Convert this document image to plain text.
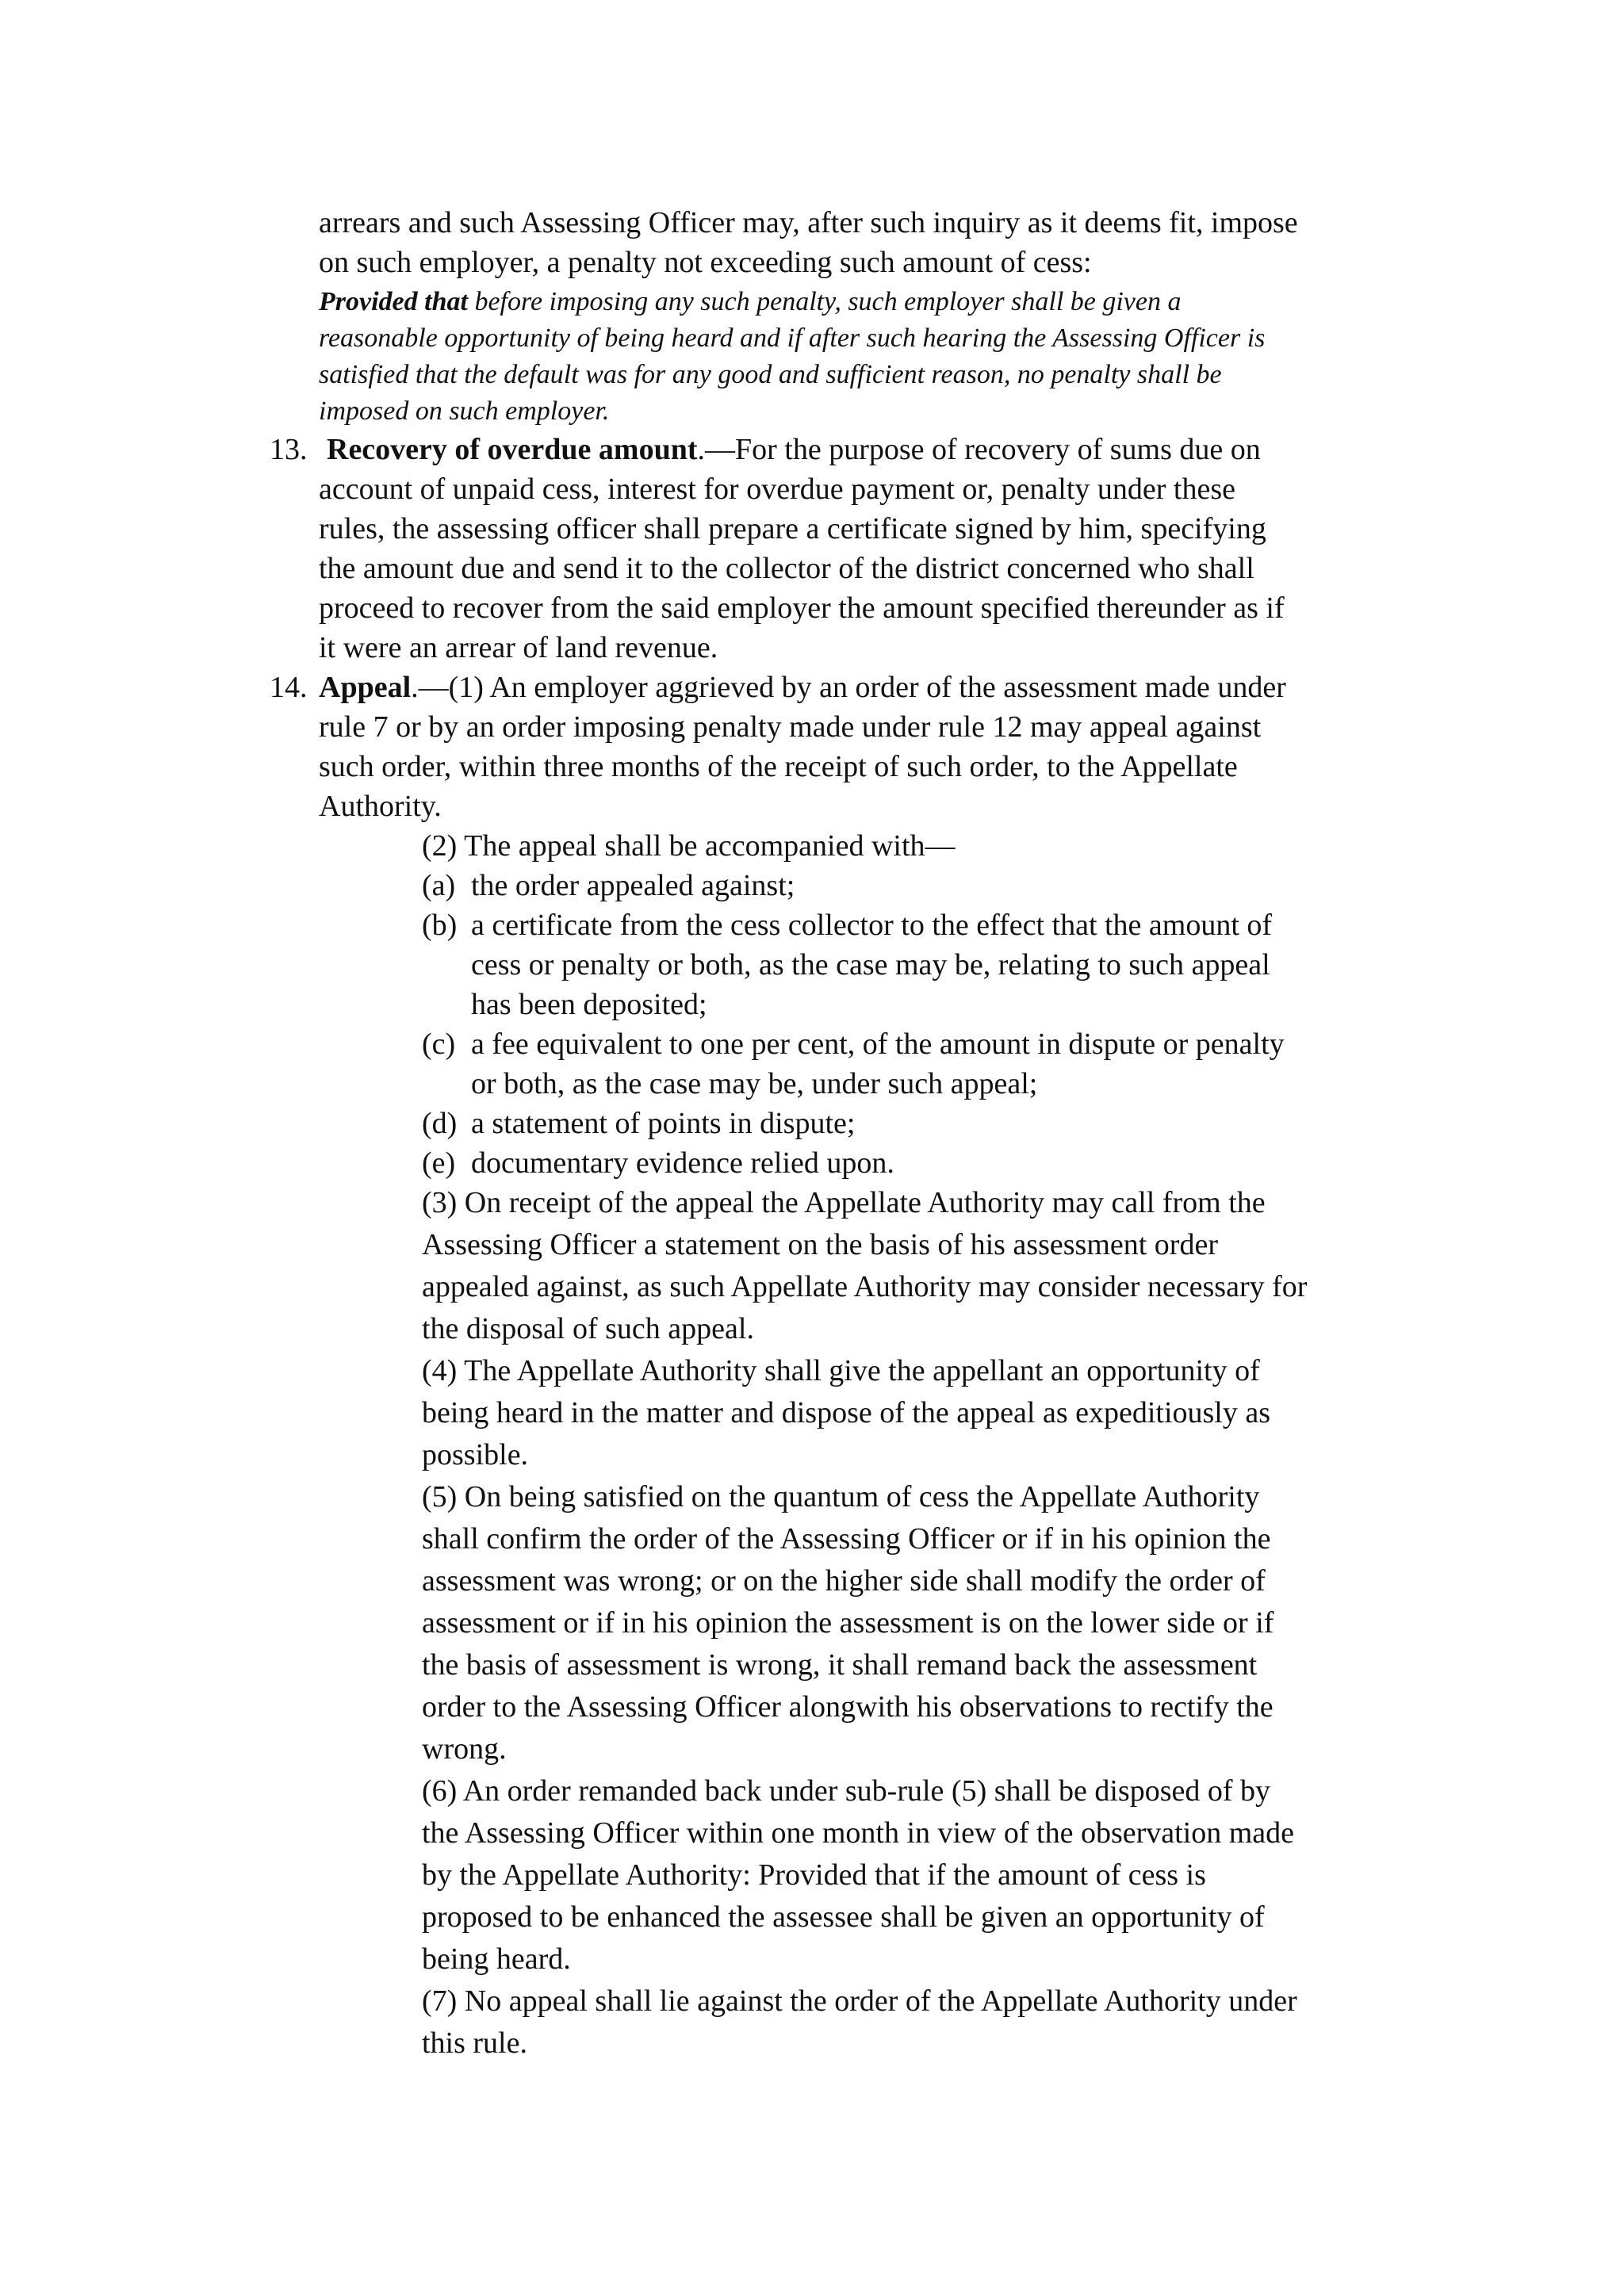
arrears and such Assessing Officer may, after such inquiry as it deems fit, impose
on such employer, a penalty not exceeding such amount of cess:
Provided that before imposing any such penalty, such employer shall be given a
reasonable opportunity of being heard and if after such hearing the Assessing Officer is
satisfied that the default was for any good and sufficient reason, no penalty shall be
imposed on such employer.
13. Recovery of overdue amount.—For the purpose of recovery of sums due on
account of unpaid cess, interest for overdue payment or, penalty under these
rules, the assessing officer shall prepare a certificate signed by him, specifying
the amount due and send it to the collector of the district concerned who shall
proceed to recover from the said employer the amount specified thereunder as if
it were an arrear of land revenue.
14. Appeal.—(1) An employer aggrieved by an order of the assessment made under
rule 7 or by an order imposing penalty made under rule 12 may appeal against
such order, within three months of the receipt of such order, to the Appellate
Authority.
(2) The appeal shall be accompanied with—
(a) the order appealed against;
(b) a certificate from the cess collector to the effect that the amount of
cess or penalty or both, as the case may be, relating to such appeal
has been deposited;
(c) a fee equivalent to one per cent, of the amount in dispute or penalty
or both, as the case may be, under such appeal;
(d) a statement of points in dispute;
(e) documentary evidence relied upon.
(3) On receipt of the appeal the Appellate Authority may call from the
Assessing Officer a statement on the basis of his assessment order
appealed against, as such Appellate Authority may consider necessary for
the disposal of such appeal.
(4) The Appellate Authority shall give the appellant an opportunity of
being heard in the matter and dispose of the appeal as expeditiously as
possible.
(5) On being satisfied on the quantum of cess the Appellate Authority
shall confirm the order of the Assessing Officer or if in his opinion the
assessment was wrong; or on the higher side shall modify the order of
assessment or if in his opinion the assessment is on the lower side or if
the basis of assessment is wrong, it shall remand back the assessment
order to the Assessing Officer alongwith his observations to rectify the
wrong.
(6) An order remanded back under sub-rule (5) shall be disposed of by
the Assessing Officer within one month in view of the observation made
by the Appellate Authority: Provided that if the amount of cess is
proposed to be enhanced the assessee shall be given an opportunity of
being heard.
(7) No appeal shall lie against the order of the Appellate Authority under
this rule.
